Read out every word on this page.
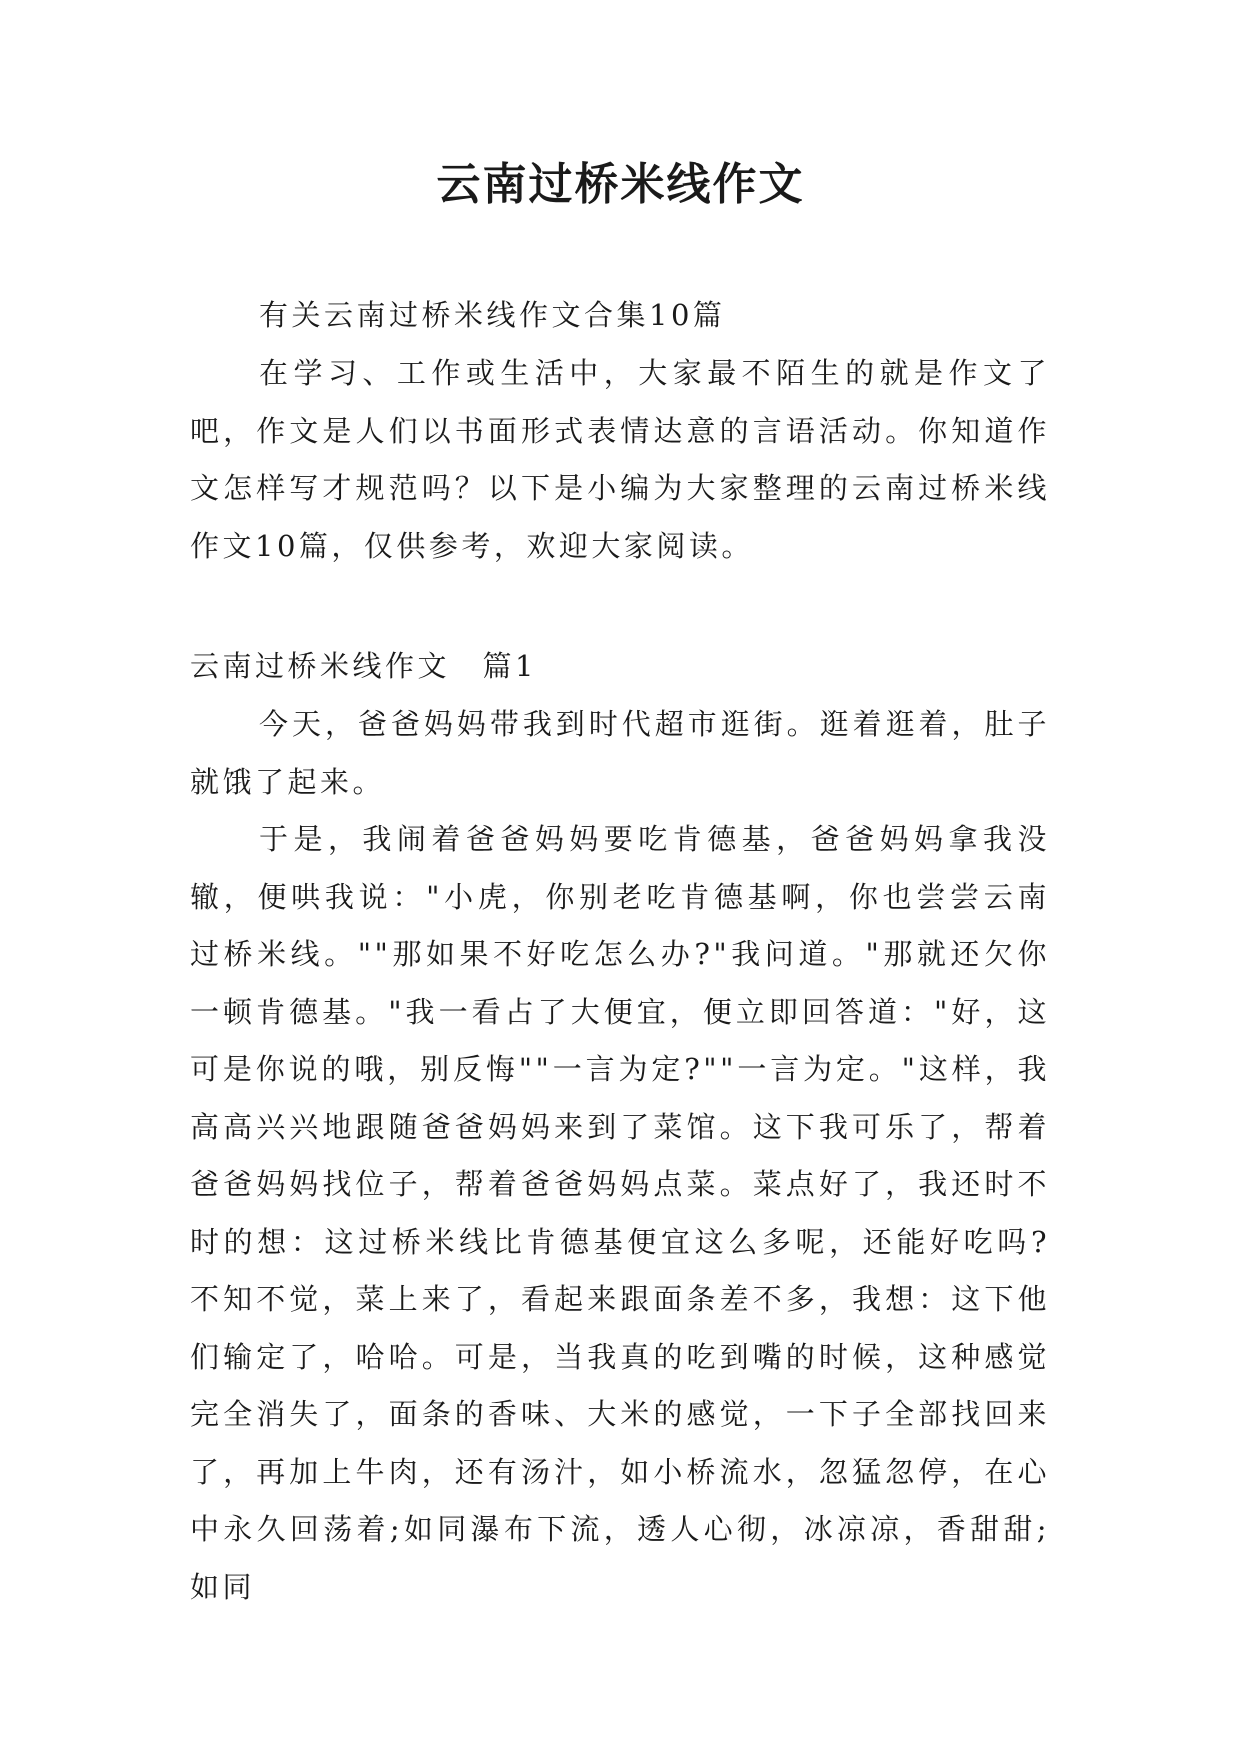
云南过桥米线作文
有关云南过桥米线作文合集10篇
在学习、工作或生活中，大家最不陌生的就是作文了吧，作文是人们以书面形式表情达意的言语活动。你知道作文怎样写才规范吗？以下是小编为大家整理的云南过桥米线作文10篇，仅供参考，欢迎大家阅读。
云南过桥米线作文　篇1
今天，爸爸妈妈带我到时代超市逛街。逛着逛着，肚子就饿了起来。
于是，我闹着爸爸妈妈要吃肯德基，爸爸妈妈拿我没辙，便哄我说："小虎，你别老吃肯德基啊，你也尝尝云南过桥米线。""那如果不好吃怎么办?"我问道。"那就还欠你一顿肯德基。"我一看占了大便宜，便立即回答道："好，这可是你说的哦，别反悔""一言为定?""一言为定。"这样，我高高兴兴地跟随爸爸妈妈来到了菜馆。这下我可乐了，帮着爸爸妈妈找位子，帮着爸爸妈妈点菜。菜点好了，我还时不时的想：这过桥米线比肯德基便宜这么多呢，还能好吃吗?不知不觉，菜上来了，看起来跟面条差不多，我想：这下他们输定了，哈哈。可是，当我真的吃到嘴的时候，这种感觉完全消失了，面条的香味、大米的感觉，一下子全部找回来了，再加上牛肉，还有汤汁，如小桥流水，忽猛忽停，在心中永久回荡着;如同瀑布下流，透人心彻，冰凉凉，香甜甜;如同
